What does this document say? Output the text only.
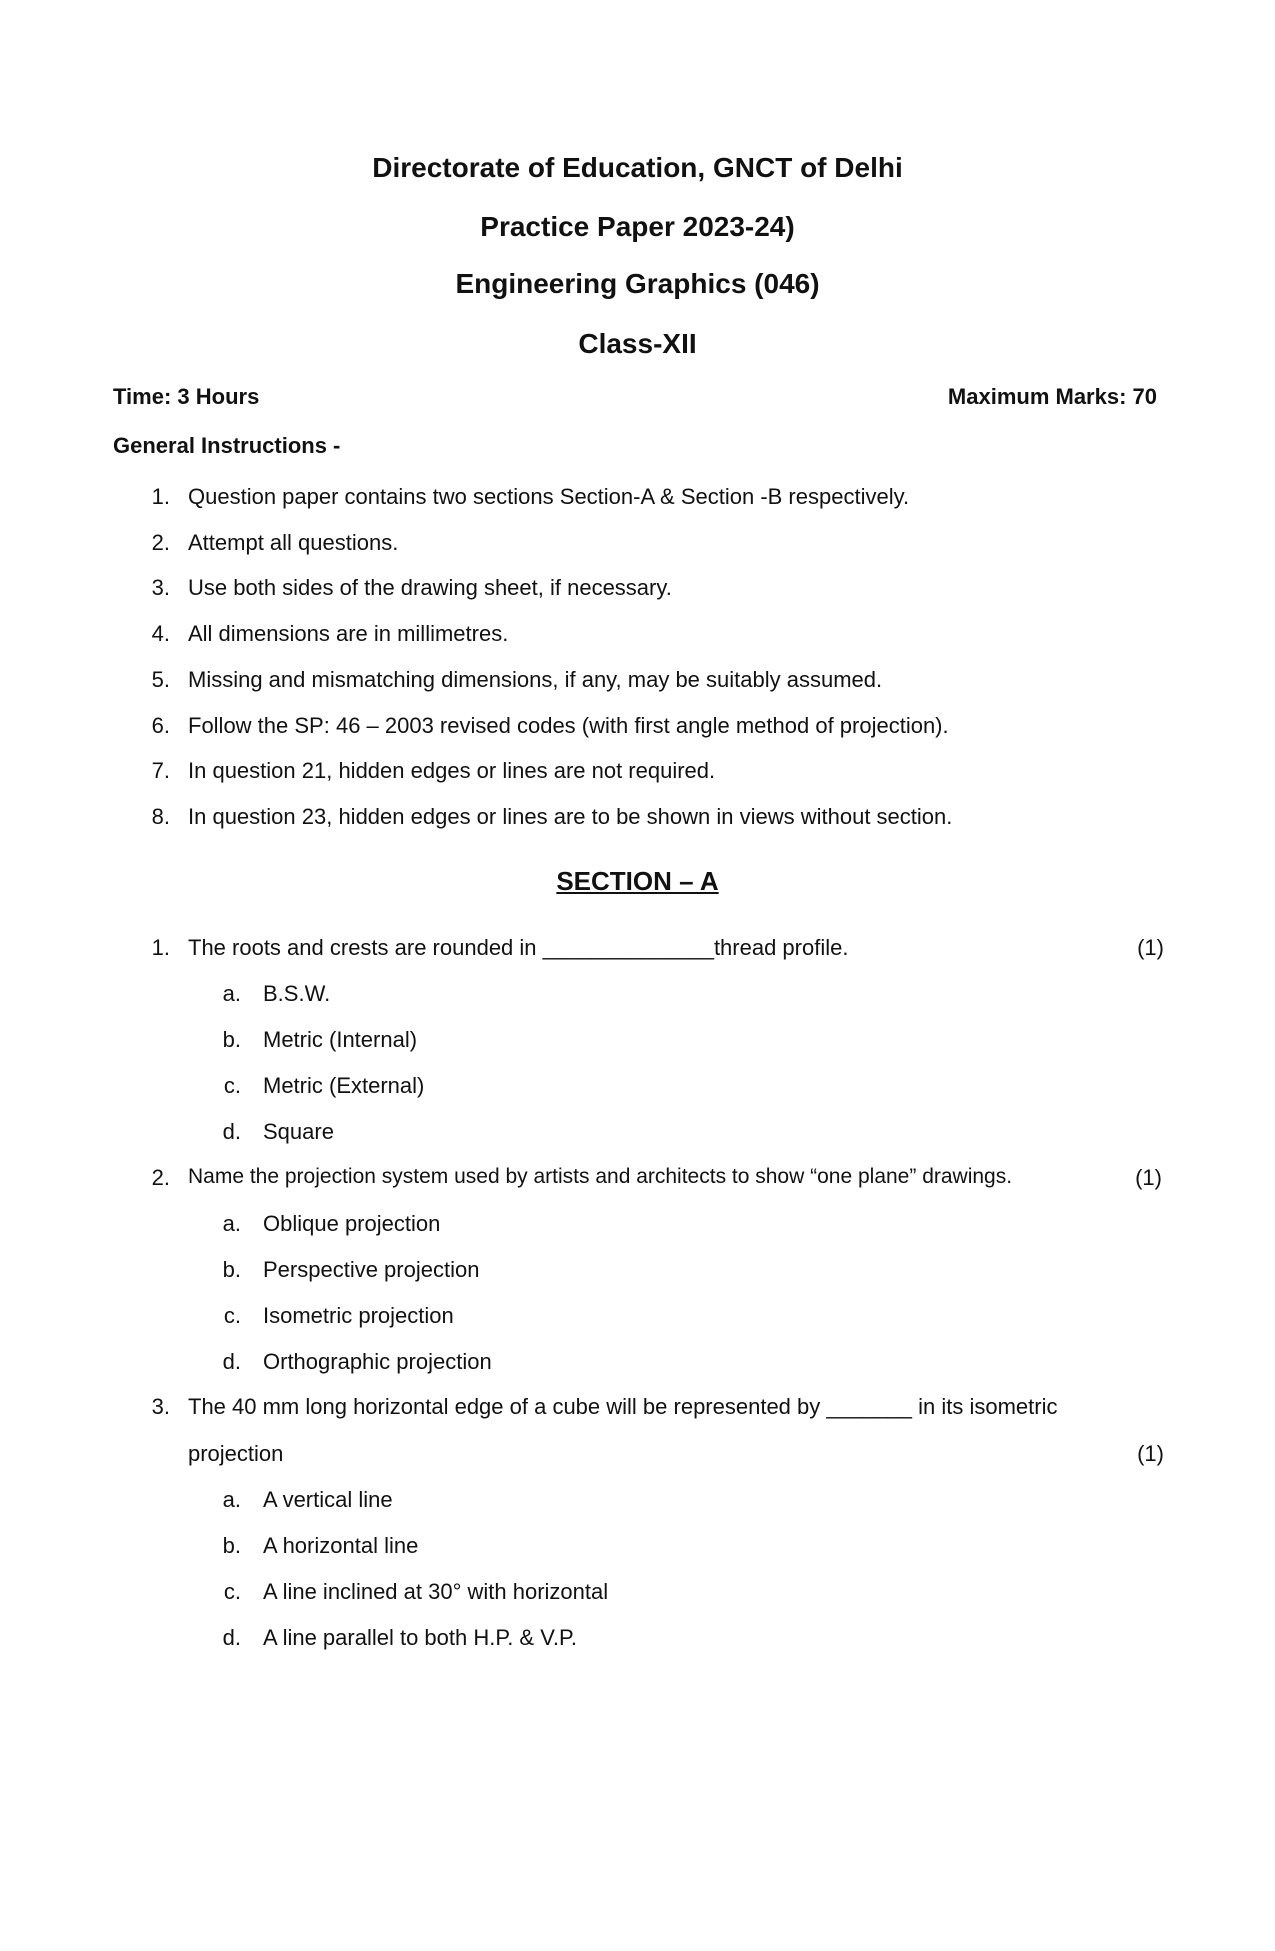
Directorate of Education, GNCT of Delhi
Practice Paper 2023-24)
Engineering Graphics (046)
Class-XII
Time: 3 Hours	Maximum Marks: 70
General Instructions -
1. Question paper contains two sections Section-A & Section -B respectively.
2. Attempt all questions.
3. Use both sides of the drawing sheet, if necessary.
4. All dimensions are in millimetres.
5. Missing and mismatching dimensions, if any, may be suitably assumed.
6. Follow the SP: 46 – 2003 revised codes (with first angle method of projection).
7. In question 21, hidden edges or lines are not required.
8. In question 23, hidden edges or lines are to be shown in views without section.
SECTION – A
1. The roots and crests are rounded in ______________thread profile.	(1)
a. B.S.W.
b. Metric (Internal)
c. Metric (External)
d. Square
2. Name the projection system used by artists and architects to show “one plane” drawings.	(1)
a. Oblique projection
b. Perspective projection
c. Isometric projection
d. Orthographic projection
3. The 40 mm long horizontal edge of a cube will be represented by _______ in its isometric
projection	(1)
a. A vertical line
b. A horizontal line
c. A line inclined at 30° with horizontal
d. A line parallel to both H.P. & V.P.
